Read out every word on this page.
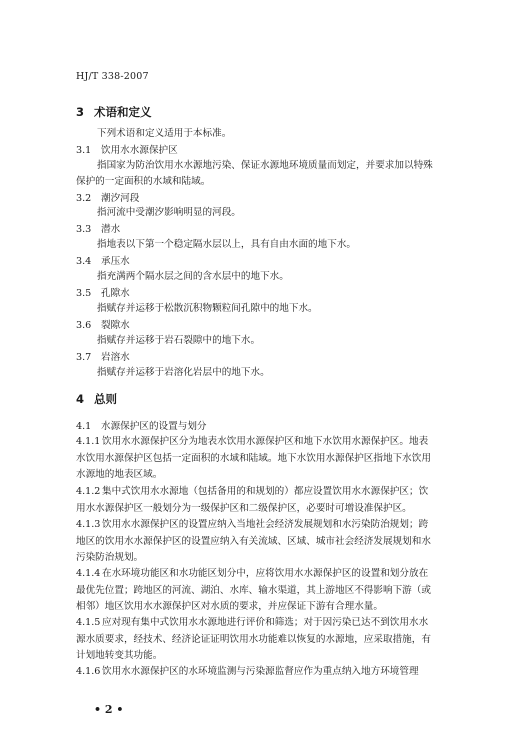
HJ/T 338-2007
3 术语和定义
下列术语和定义适用于本标准。
3.1 饮用水水源保护区
指国家为防治饮用水水源地污染、保证水源地环境质量而划定，并要求加以特殊
保护的一定面积的水域和陆域。
3.2 潮汐河段
指河流中受潮汐影响明显的河段。
3.3 潜水
指地表以下第一个稳定隔水层以上，具有自由水面的地下水。
3.4 承压水
指充满两个隔水层之间的含水层中的地下水。
3.5 孔隙水
指赋存并运移于松散沉积物颗粒间孔隙中的地下水。
3.6 裂隙水
指赋存并运移于岩石裂隙中的地下水。
3.7 岩溶水
指赋存并运移于岩溶化岩层中的地下水。
4 总则
4.1 水源保护区的设置与划分
4.1.1 饮用水水源保护区分为地表水饮用水源保护区和地下水饮用水源保护区。地表
水饮用水源保护区包括一定面积的水域和陆域。地下水饮用水源保护区指地下水饮用
水源地的地表区域。
4.1.2 集中式饮用水水源地（包括备用的和规划的）都应设置饮用水水源保护区；饮
用水水源保护区一般划分为一级保护区和二级保护区，必要时可增设准保护区。
4.1.3 饮用水水源保护区的设置应纳入当地社会经济发展规划和水污染防治规划；跨
地区的饮用水水源保护区的设置应纳入有关流域、区域、城市社会经济发展规划和水
污染防治规划。
4.1.4 在水环境功能区和水功能区划分中，应将饮用水水源保护区的设置和划分放在
最优先位置；跨地区的河流、湖泊、水库、输水渠道，其上游地区不得影响下游（或
相邻）地区饮用水水源保护区对水质的要求，并应保证下游有合理水量。
4.1.5 应对现有集中式饮用水水源地进行评价和筛选；对于因污染已达不到饮用水水
源水质要求，经技术、经济论证证明饮用水功能难以恢复的水源地，应采取措施，有
计划地转变其功能。
4.1.6 饮用水水源保护区的水环境监测与污染源监督应作为重点纳入地方环境管理
• 2 •
